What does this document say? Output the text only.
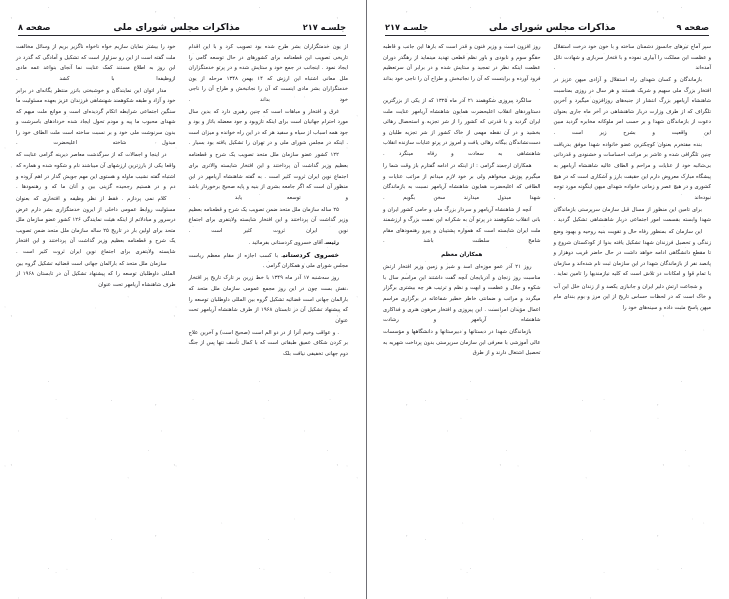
صفحه ۹
مذاکرات مجلس شورای ملی
جلسـه ۲۱۷

سپر آماج تیرهای جانسوز دشمنان ساخته و با خون خود درخت استقلال و عظمت این مملکت را آبیاری نموده و با فتخار سربازی و شهادت نائل آمده‌اند .

بازماندگان و کسان شهدای راه استقلال و آزادی میهن عزیز در افتخار بزرگ ملی سهیم و شریک هستند و هر سال در روزی بمناسبت شاهنشاه آریامهر بزرگ انتشار از جنبه‌های روزافزون میگیرد و آخرین تلگراف که از طرف وزارت دربار شاهنشاهی در آخر ماه جاری بعنوان دعوت از بازماندگان شهدا و بر حسب امر ملوکانه مخابره گردید مبین این واقعیت و بشرح زیر است .

بنده مفتخرم بعنوان کوچکترین عضو خانواده شهدا موفق بدریافت چنین تلگرافی شده و عاشر بر مراتب احساسات و خشنودی و قدردانی بی‌شائبه خود از عنایات و مراحم و الطاف عالیه شاهنشاه آریامهر به پیشگاه مبارک معروض دارم این حقیقت بارز و آشکاری است که در هیچ کشوری و در هیچ عصر و زمانی خانواده شهدای میهن اینگونه مورد توجه نبوده‌اند .

برای تامین این منظور از مسال قبل سازمان سرپرستی بازماندگان شهدا وابسته بقسمت امور اجتماعی دربار شاهنشاهی تشکیل گردید .

این سازمان که بمنظور رفاه حال و تقویت بنیه روحیه و بهبود وضع زندگی و تحصیل فرزندان شهدا تشکیل یافته بدوا از کودکستان شروع و تا مقطع دانشگاهی ادامه خواهد داشت در حال حاضر قریب دوهزار و پانصد نفر از بازماندگان شهدا در این سازمان ثبت نام شده‌اند و سازمان با تمام قوا و امکانات در تلاش است که کلیه نیازمندیها را تامین نماید .

و شجاعت ارتش دلیر ایران و جانبازی یکصد و از زندان خلل این آب و خاک است که در لحظات حساس تاریخ از این مرز و بوم بندای مام میهن پاسخ مثبت داده و سینه‌های خود را

روز افزون است و وزیر فنون و قدر است که بارها این جانب و قاطبه حقگو سوم و نابودی و باور نظم قطعی تهدید مینماید از رهگذر دوران عظمت اینکه نظر در تمجید و ستایش شده و در برابر آن سرتعظیم فرود آورده و براینست که آن را نجاتبخش و طراح آن را ناجی خود بداند .

سالگرد پیروزی شکوهمند ۲۱ آذر ماه ۱۳۲۵ که از یکی از بزرگترین دستاوردهای انقلاب اعلیحضرت همایون شاهنشاه آریامهر عنایت ملت ایران گردید و با قدرتی که کشور را از شر تجزیه و استحصال رهائی بخشید و در آن نقطه مهمی از خاک کشور از شر تجزیه طلبان و دست‌نشاندگان بیگانه رهائی یافت و امروز در پرتو عنایات سازنده انقلاب شاهنشاهی به سعادت و رفاه مینگرد .

همکاران ارجمند گرامی : از اینکه در ادامه گفتارم باز وقت شما را میگیرم پوزش میخواهم ولی بر خود لازم میدانم از مراتب عنایات و الطافی که اعلیحضرت همایون شاهنشاه آریامهر نسبت به بازماندگان شهدا مبذول میدارند سخن بگویم .

آنچه از شاهنشاه آریامهر و سردار بزرگ ملی و حامی کشور ایران و بانی انقلاب شکوهمند در پرتو آن به شکرانه این نعمت بزرگ و ارزشمند ملت ایران شایسته است که همواره پشتیبان و پیرو رهنمودهای مقام شامخ سلطنت باشد .

همکاران معظم

روز ۲۱ آذر عمو موزه‌ای اسد و شیر و زمین وزیر افتخار ارتش مناسبت روز زنجان و آذربایجان آنچه گفت داشتند این مراسم سال با شکوه و جلال و عظمت و ابهت و نظم و ترتیب هر چه بیشتری برگزار میگردد و مراتب و ضمانتی خاطر خطیر شفاعانه در برگزاری مراسم اعمال مؤیدان امرانست . این پیروزی و افتخار مرهون هنری و فداکاری شاهنشاه آریامهر و رشادت

بازماندگان شهدا در دبستانها و دبیرستانها و دانشگاهها و مؤسسات عالی آموزشی با معرفی این سازمان سرپرستی بدون پرداخت شهریه به تحصیل اشتغال دارند و از طرق

جلسـه ۲۱۷
مذاکرات مجلس شورای ملی
صفحه ۸

از یون خدمتگزاران بشر طرح شده بود تصویب کرد و با این اقدام تاریخی تصویب این قطعنامه برای کشورهای در حال توسعه گامی را ایجاد نمود . اینجانب در جمع خود و ستایش شده و در پرتو خدمتگزاران ملل معانی اشتباه این ارزش که ۱۴ بهمن ۱۳۴۸ مرحله از یون خدمتگزاران بشر مادی اینست که آن را نجاتبخش و طراح آن را ناجی خود بداند .

غرق و افتخار و مباهات است که چنین رهبری دارد که بدین سال مورد احترام جهانیان است برای اینکه تازوبود و جود معضله باتاز و بود و جود همه اسباب از سیاه و سفید هر که در این راه خوانده و میزان است . اینکه در مجلس شورای ملی و در تهران را تشکیل یافته بود بسیار .

۱۲۲ کشور عضو سازمان ملل متحد تصویب یک شرح و قطعنامه بعظیم وزیر گذاشت آن پرداختند و این افتخار شایسته والاتری برای اجتماع نوین ایران ثروت کثیر است . به گفته شاهنشاه آریامهر در این منظور آن است که اگر جامعه بشری از بنیه و پایه صحیح برخوردار باشد و توسعه یابد .

۲۵ ساله سازمان ملل متحد ضمن تصویب یک شرح و قطعنامه بعظیم وزیر گذاشت آن پرداختند و این افتخار شایسته ولایتفری برای اجتماع نوین ایران ثروت کثیر است .

رئیسـ آقای خسروی کردستانی بفرمائید .

خسروی کردستانیـ با کسب اجازه از مقام معظم ریاست مجلس شورای ملی و همکاران گرامی .

روز سه‌شنبه ۱۷ آذر ماه ۱۳۴۹ با خط زرین بر تارک تاریخ پر افتخار ،نقش بست چون در این روز مجمع عمومی سازمان ملل متحد که بارالمان جهانی است قضائیه تشکیل گروه بین المللی داوطلبان توسعه را که پیشنهاد تشکیل آن در تابستان ۱۹۶۸ از طرف شاهنشاه آریامهر تحت عنوان

. و عواقب وخیم آنرا از در دو الم است (صحیح است) و آخرین علاج بر کردن شکاف عمیق طبقاتی است که با کمال تأسف نتها پس از جنگ دوم جهانی تخفیفی نیافت بلک

خود را بیشتر نمایان سازیم خواه ناخواه ناگزیر بریم از وسائل مخالفت ملت گفته است از این رو سزاوار است که تشکیل و آمادگی که گذرد در این روز به اطلاع مستند کمک عنایت نما آنجای بنواعد عمه مادی ازوظیفه‌ا با کشد .

مدار اتوان این نمایندگان و خوشبختی بانزر منتظر یگانه‌ای در برابر خود و آزاد و طبقه شکوهمند شهنشاهی فرزندان عزیز بعهده مسئولیت ما سنگین اجتماعی شرایطه اتکام گردیده‌ای است و موانع ملت میهم که شهدای محبوب ما پیه و مودم تحول ایجاد شده خردادهای باسرشت و بدون سرنوشت ملی خود و بر نسبت ساخته است ملت الطاف خود را مبذول شاخته اعلیحضرت .

در اینجا و اجمالات که از سرگذشت معاصر دیرینه گرامی عنایت که واقعا یکی از بارزترین ارزشهای آن میباشند نام و شکوه شده و هماره که اشتباه گفته نشیب ماوله و هستوی این مهم جویش گذار در اهم آزوده و دم و در هستیم رجحیده گزینی بین و آنان ما که و رهنمودها .

کلام نمی پردازم . فقط از نظر وظیفه و افتخاری که بعنوان مسئولیت روابط عمومی داخلی از ایرون خدمتگزاری بشر دارم عرض درسرور و مبادلاتم از اینکه هیئت نمایندگی ۱۲۶ کشور عضو سازمان ملل متحد برای اولین بار در تاریخ ۲۵ ساله سازمان ملل متحد ضمن تصویب یک شرح و قطعنامه بعظیم وزیر گذاشت آن پرداختند و این افتخار شایسته ولایتفری برای اجتماع نوین ایران ثروت کثیر است .

سازمان ملل متحد که بارالمان جهانی است قضائیه تشکیل گروه بین المللی داوطلبان توسعه را که پیشنهاد تشکیل آن در تابستان ۱۹۶۸ از طرف شاهنشاه آریامهر تحت عنوان
